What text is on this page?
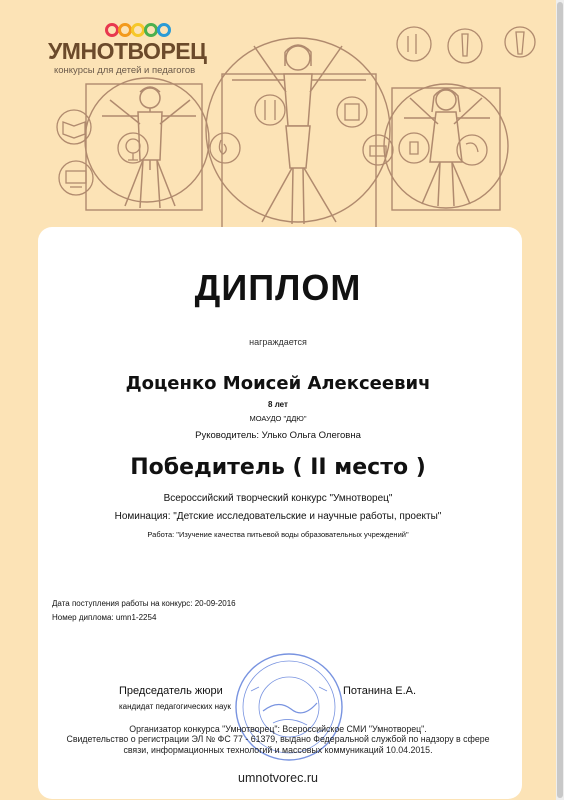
УМНОТВОРЕЦ
конкурсы для детей и педагогов
ДИПЛОМ
награждается
Доценко Моисей Алексеевич
8 лет
МОАУДО "ДДЮ"
Руководитель: Улько Ольга Олеговна
Победитель ( II место )
Всероссийский творческий конкурс "Умнотворец"
Номинация: "Детские исследовательские и научные работы, проекты"
Работа: "Изучение качества питьевой воды образовательных учреждений"
Дата поступления работы на конкурс: 20-09-2016
Номер диплома: umn1-2254
Председатель жюри
кандидат педагогических наук
Потанина Е.А.
Организатор конкурса "Умнотворец": Всероссийское СМИ "Умнотворец".
Свидетельство о регистрации ЭЛ № ФС 77 - 61379, выдано Федеральной службой по надзору в сфере
связи, информационных технологий и массовых коммуникаций 10.04.2015.
umnotvorec.ru
